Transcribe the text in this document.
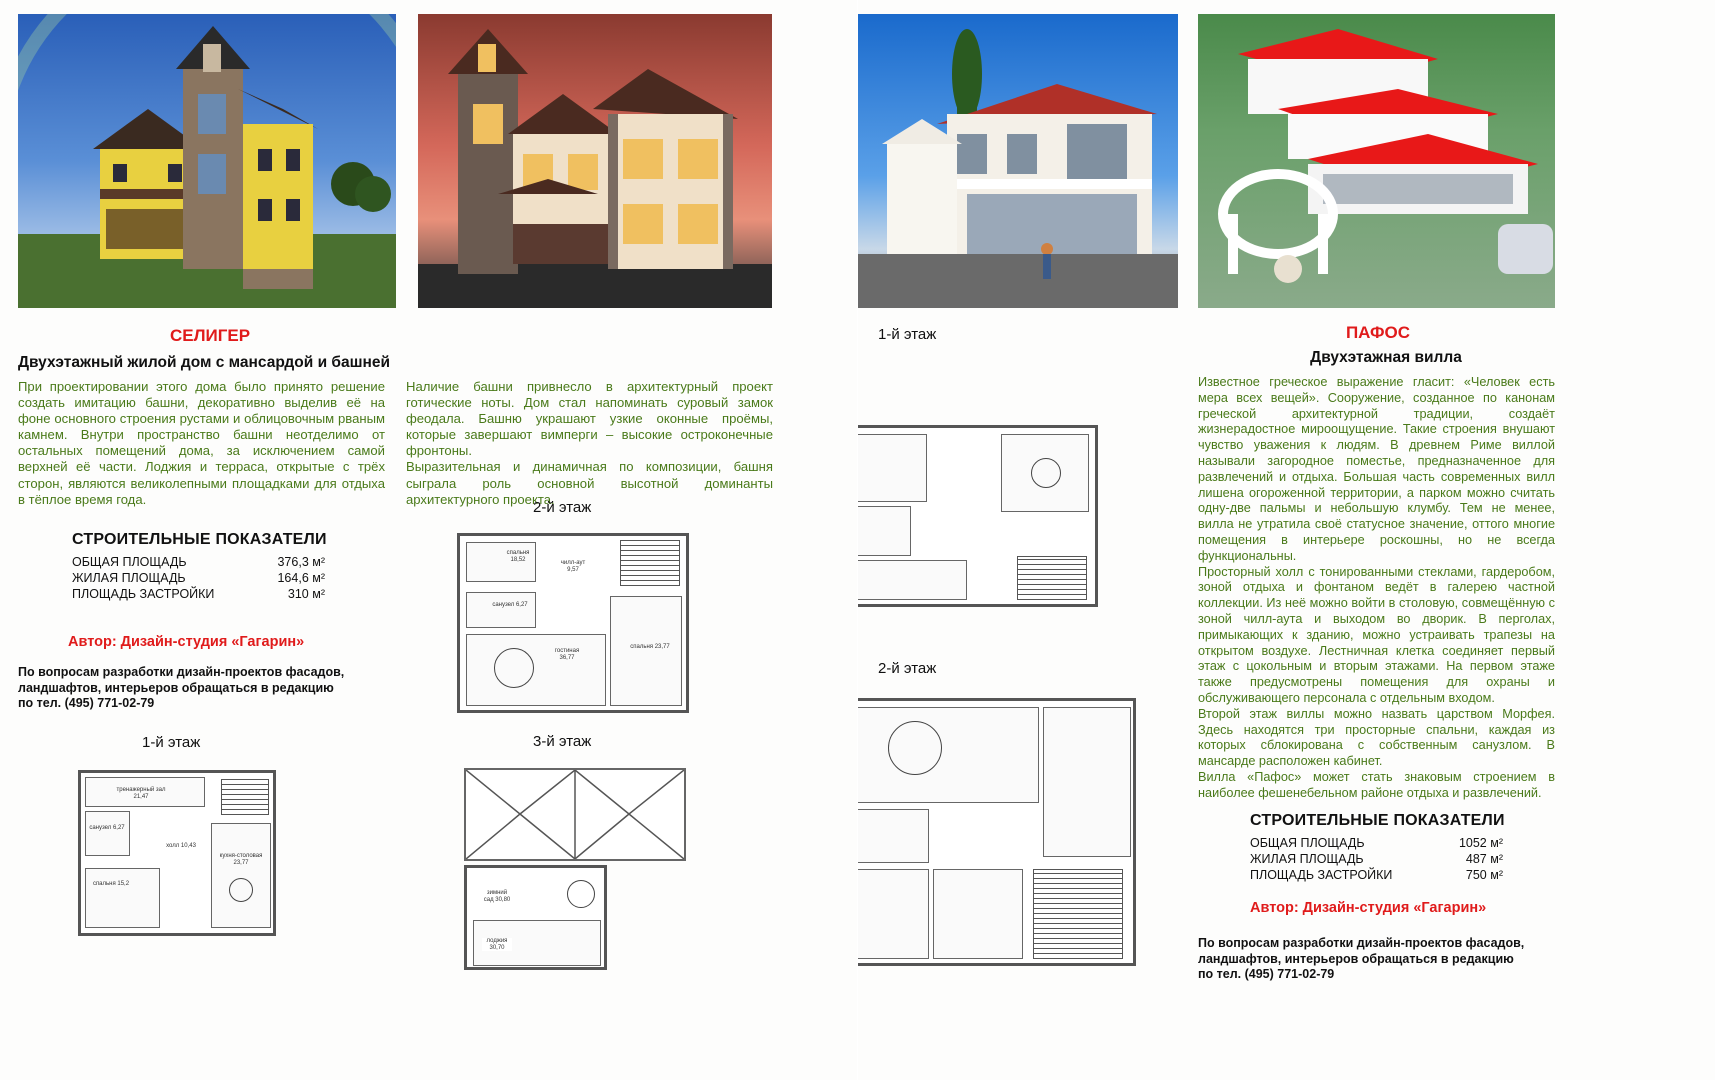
СЕЛИГЕР
Двухэтажный жилой дом с мансардой и башней
При проектировании этого дома было принято решение создать имитацию башни, декоративно выделив её на фоне основного строения рустами и облицовочным рваным камнем. Внутри пространство башни неотделимо от остальных помещений дома, за исключением самой верхней её части. Лоджия и терраса, открытые с трёх сторон, являются великолепными площадками для отдыха в тёплое время года.
Наличие башни привнесло в архитектурный проект готические ноты. Дом стал напоминать суровый замок феодала. Башню украшают узкие оконные проёмы, которые завершают вимперги – высокие остроконечные фронтоны.
Выразительная и динамичная по композиции, башня сыграла роль основной высотной доминанты архитектурного проекта.
СТРОИТЕЛЬНЫЕ ПОКАЗАТЕЛИ
ОБЩАЯ ПЛОЩАДЬ	376,3 м²
ЖИЛАЯ ПЛОЩАДЬ	164,6 м²
ПЛОЩАДЬ ЗАСТРОЙКИ	310 м²
Автор: Дизайн-студия «Гагарин»
По вопросам разработки дизайн-проектов фасадов,
ландшафтов, интерьеров обращаться в редакцию
по тел. (495) 771-02-79
1-й этаж
тренажерный зал 21,47
санузел 6,27
холл 10,43
кухня-столовая 23,77
спальня 15,2
2-й этаж
спальня 18,52
чилл-аут 9,57
санузел 6,27
гостиная 36,77
спальня 23,77
3-й этаж
зимний сад 30,80
лоджия 30,70
1-й этаж
2-й этаж
ПАФОС
Двухэтажная вилла
Известное греческое выражение гласит: «Человек есть мера всех вещей». Сооружение, созданное по канонам греческой архитектурной традиции, создаёт жизнерадостное мироощущение. Такие строения внушают чувство уважения к людям. В древнем Риме виллой называли загородное поместье, предназначенное для развлечений и отдыха. Большая часть современных вилл лишена огороженной территории, а парком можно считать одну-две пальмы и небольшую клумбу. Тем не менее, вилла не утратила своё статусное значение, оттого многие помещения в интерьере роскошны, но не всегда функциональны.
Просторный холл с тонированными стеклами, гардеробом, зоной отдыха и фонтаном ведёт в галерею частной коллекции. Из неё можно войти в столовую, совмещённую с зоной чилл-аута и выходом во дворик. В перголах, примыкающих к зданию, можно устраивать трапезы на открытом воздухе. Лестничная клетка соединяет первый этаж с цокольным и вторым этажами. На первом этаже также предусмотрены помещения для охраны и обслуживающего персонала с отдельным входом.
Второй этаж виллы можно назвать царством Морфея. Здесь находятся три просторные спальни, каждая из которых сблокирована с собственным санузлом. В мансарде расположен кабинет.
Вилла «Пафос» может стать знаковым строением в наиболее фешенебельном районе отдыха и развлечений.
СТРОИТЕЛЬНЫЕ ПОКАЗАТЕЛИ
ОБЩАЯ ПЛОЩАДЬ	1052 м²
ЖИЛАЯ ПЛОЩАДЬ	487 м²
ПЛОЩАДЬ ЗАСТРОЙКИ	750 м²
Автор: Дизайн-студия «Гагарин»
По вопросам разработки дизайн-проектов фасадов,
ландшафтов, интерьеров обращаться в редакцию
по тел. (495) 771-02-79
